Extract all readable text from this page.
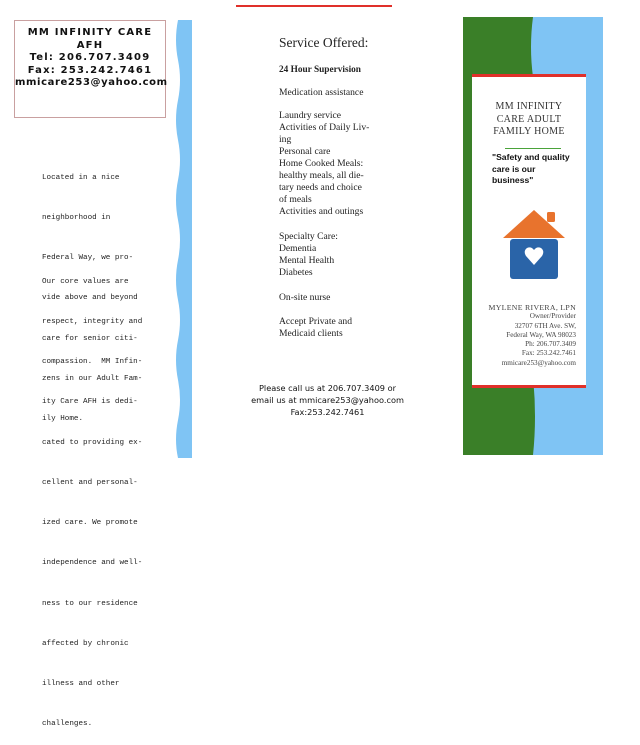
MM INFINITY CARE
AFH
Tel: 206.707.3409
Fax: 253.242.7461
mmicare253@yahoo.com

Located in a nice

neighborhood in

Federal Way, we pro-

vide above and beyond

care for senior citi-

zens in our Adult Fam-

ily Home.

Our core values are

respect, integrity and

compassion.  MM Infin-

ity Care AFH is dedi-

cated to providing ex-

cellent and personal-

ized care. We promote

independence and well-

ness to our residence

affected by chronic

illness and other

challenges.

Service Offered:
24 Hour Supervision
Medication assistance
Laundry service
Activities of Daily Liv-
ing
Personal care
Home Cooked Meals:
healthy meals, all die-
tary needs and choice
of meals
Activities and outings
Specialty Care:
Dementia
Mental Health
Diabetes
On-site nurse
Accept Private and
Medicaid clients
Please call us at 206.707.3409 or
email us at mmicare253@yahoo.com
Fax:253.242.7461
MM INFINITY
CARE ADULT
FAMILY HOME
"Safety and quality
care is our
business"
MYLENE RIVERA, LPN
Owner/Provider
32707 6TH Ave. SW,
Federal Way, WA 98023
Ph: 206.707.3409
Fax: 253.242.7461
mmicare253@yahoo.com
